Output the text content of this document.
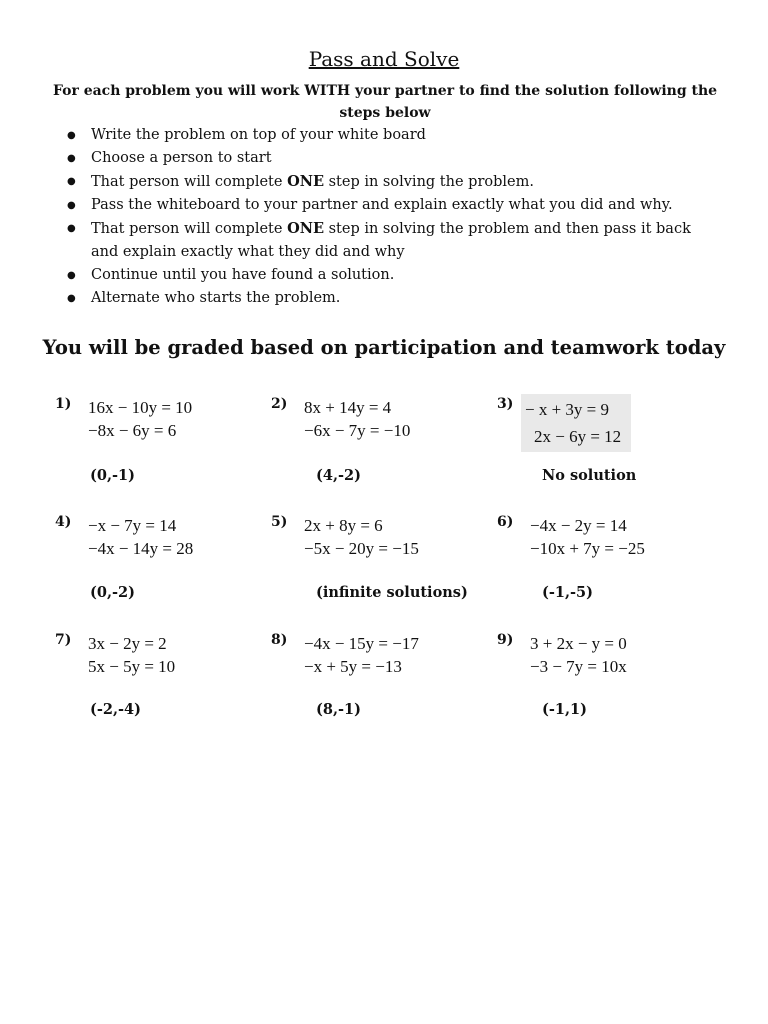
Pass and Solve
For each problem you will work WITH your partner to find the solution following the steps below
● Write the problem on top of your white board
● Choose a person to start
● That person will complete ONE step in solving the problem.
● Pass the whiteboard to your partner and explain exactly what you did and why.
● That person will complete ONE step in solving the problem and then pass it back and explain exactly what they did and why
● Continue until you have found a solution.
● Alternate who starts the problem.
You will be graded based on participation and teamwork today
1) 16x − 10y = 10
−8x − 6y = 6
2) 8x + 14y = 4
−6x − 7y = −10
3) − x + 3y = 9
2x − 6y = 12
(0,-1)	(4,-2)	No solution
4) −x − 7y = 14
−4x − 14y = 28
5) 2x + 8y = 6
−5x − 20y = −15
6) −4x − 2y = 14
−10x + 7y = −25
(0,-2)	(infinite solutions)	(-1,-5)
7) 3x − 2y = 2
5x − 5y = 10
8) −4x − 15y = −17
−x + 5y = −13
9) 3 + 2x − y = 0
−3 − 7y = 10x
(-2,-4)	(8,-1)	(-1,1)
